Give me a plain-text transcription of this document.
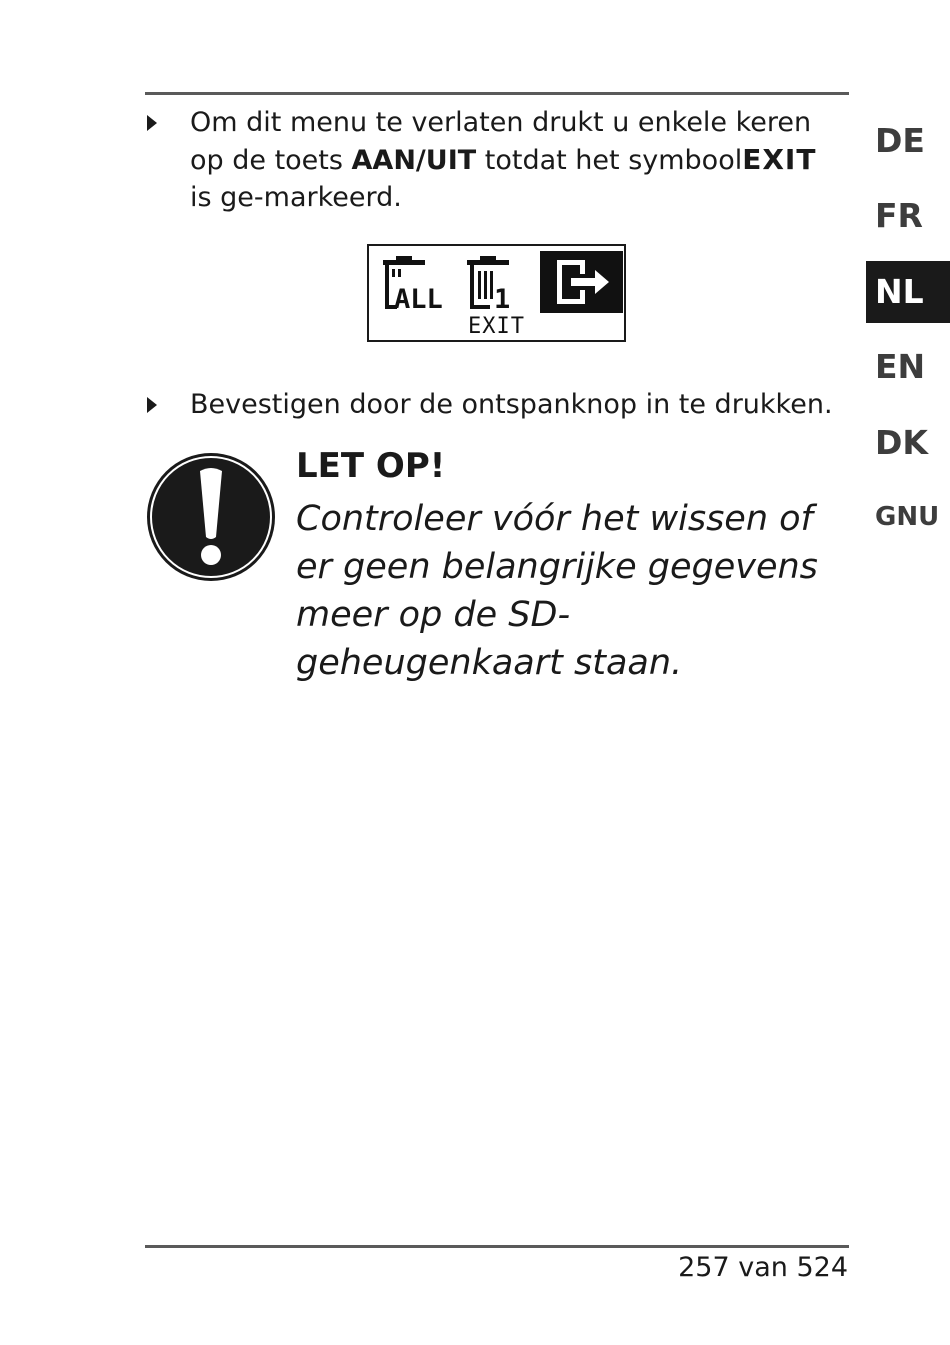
Om dit menu te verlaten drukt u enkele keren op de toets AAN/UIT totdat het symboolEXIT is ge-markeerd.
ALL 1
EXIT
Bevestigen door de ontspanknop in te drukken.
LET OP!
Controleer vóór het wissen of er geen belangrijke gegevens meer op de SD-geheugenkaart staan.
DE
FR
NL
EN
DK
GNU
257 van 524
